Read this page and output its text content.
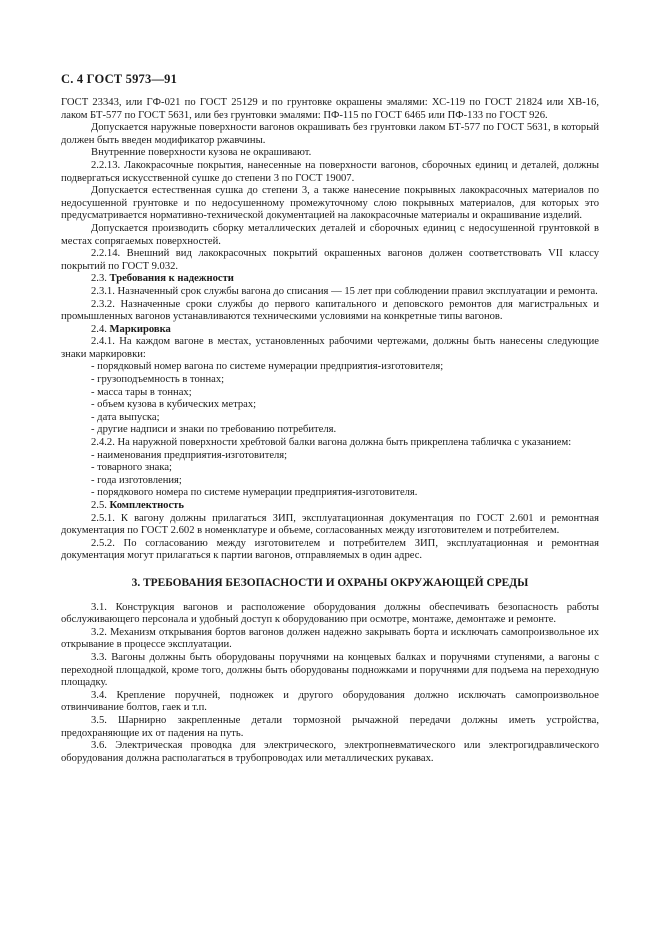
С. 4 ГОСТ 5973—91

ГОСТ 23343, или ГФ-021 по ГОСТ 25129 и по грунтовке окрашены эмалями: ХС-119 по ГОСТ 21824 или ХВ-16, лаком БТ-577 по ГОСТ 5631, или без грунтовки эмалями: ПФ-115 по ГОСТ 6465 или ПФ-133 по ГОСТ 926.

Допускается наружные поверхности вагонов окрашивать без грунтовки лаком БТ-577 по ГОСТ 5631, в который должен быть введен модификатор ржавчины.

Внутренние поверхности кузова не окрашивают.

2.2.13. Лакокрасочные покрытия, нанесенные на поверхности вагонов, сборочных единиц и деталей, должны подвергаться искусственной сушке до степени 3 по ГОСТ 19007.

Допускается естественная сушка до степени 3, а также нанесение покрывных лакокрасочных материалов по недосушенной грунтовке и по недосушенному промежуточному слою покрывных материалов, для которых это предусматривается нормативно-технической документацией на лакокрасочные материалы и окрашивание изделий.

Допускается производить сборку металлических деталей и сборочных единиц с недосушенной грунтовкой в местах сопрягаемых поверхностей.

2.2.14. Внешний вид лакокрасочных покрытий окрашенных вагонов должен соответствовать VII классу покрытий по ГОСТ 9.032.

2.3. Требования к надежности

2.3.1. Назначенный срок службы вагона до списания — 15 лет при соблюдении правил эксплуатации и ремонта.

2.3.2. Назначенные сроки службы до первого капитального и деповского ремонтов для магистральных и промышленных вагонов устанавливаются техническими условиями на конкретные типы вагонов.

2.4. Маркировка

2.4.1. На каждом вагоне в местах, установленных рабочими чертежами, должны быть нанесены следующие знаки маркировки:

- порядковый номер вагона по системе нумерации предприятия-изготовителя;

- грузоподъемность в тоннах;

- масса тары в тоннах;

- объем кузова в кубических метрах;

- дата выпуска;

- другие надписи и знаки по требованию потребителя.

2.4.2. На наружной поверхности хребтовой балки вагона должна быть прикреплена табличка с указанием:

- наименования предприятия-изготовителя;

- товарного знака;

- года изготовления;

- порядкового номера по системе нумерации предприятия-изготовителя.

2.5. Комплектность

2.5.1. К вагону должны прилагаться ЗИП, эксплуатационная документация по ГОСТ 2.601 и ремонтная документация по ГОСТ 2.602 в номенклатуре и объеме, согласованных между изготовителем и потребителем.

2.5.2. По согласованию между изготовителем и потребителем ЗИП, эксплуатационная и ремонтная документация могут прилагаться к партии вагонов, отправляемых в один адрес.

3. ТРЕБОВАНИЯ БЕЗОПАСНОСТИ И ОХРАНЫ ОКРУЖАЮЩЕЙ СРЕДЫ

3.1. Конструкция вагонов и расположение оборудования должны обеспечивать безопасность работы обслуживающего персонала и удобный доступ к оборудованию при осмотре, монтаже, демонтаже и ремонте.

3.2. Механизм открывания бортов вагонов должен надежно закрывать борта и исключать самопроизвольное их открывание в процессе эксплуатации.

3.3. Вагоны должны быть оборудованы поручнями на концевых балках и поручнями ступенями, а вагоны с переходной площадкой, кроме того, должны быть оборудованы подножками и поручнями для подъема на переходную площадку.

3.4. Крепление поручней, подножек и другого оборудования должно исключать самопроизвольное отвинчивание болтов, гаек и т.п.

3.5. Шарнирно закрепленные детали тормозной рычажной передачи должны иметь устройства, предохраняющие их от падения на путь.

3.6. Электрическая проводка для электрического, электропневматического или электрогидравлического оборудования должна располагаться в трубопроводах или металлических рукавах.
